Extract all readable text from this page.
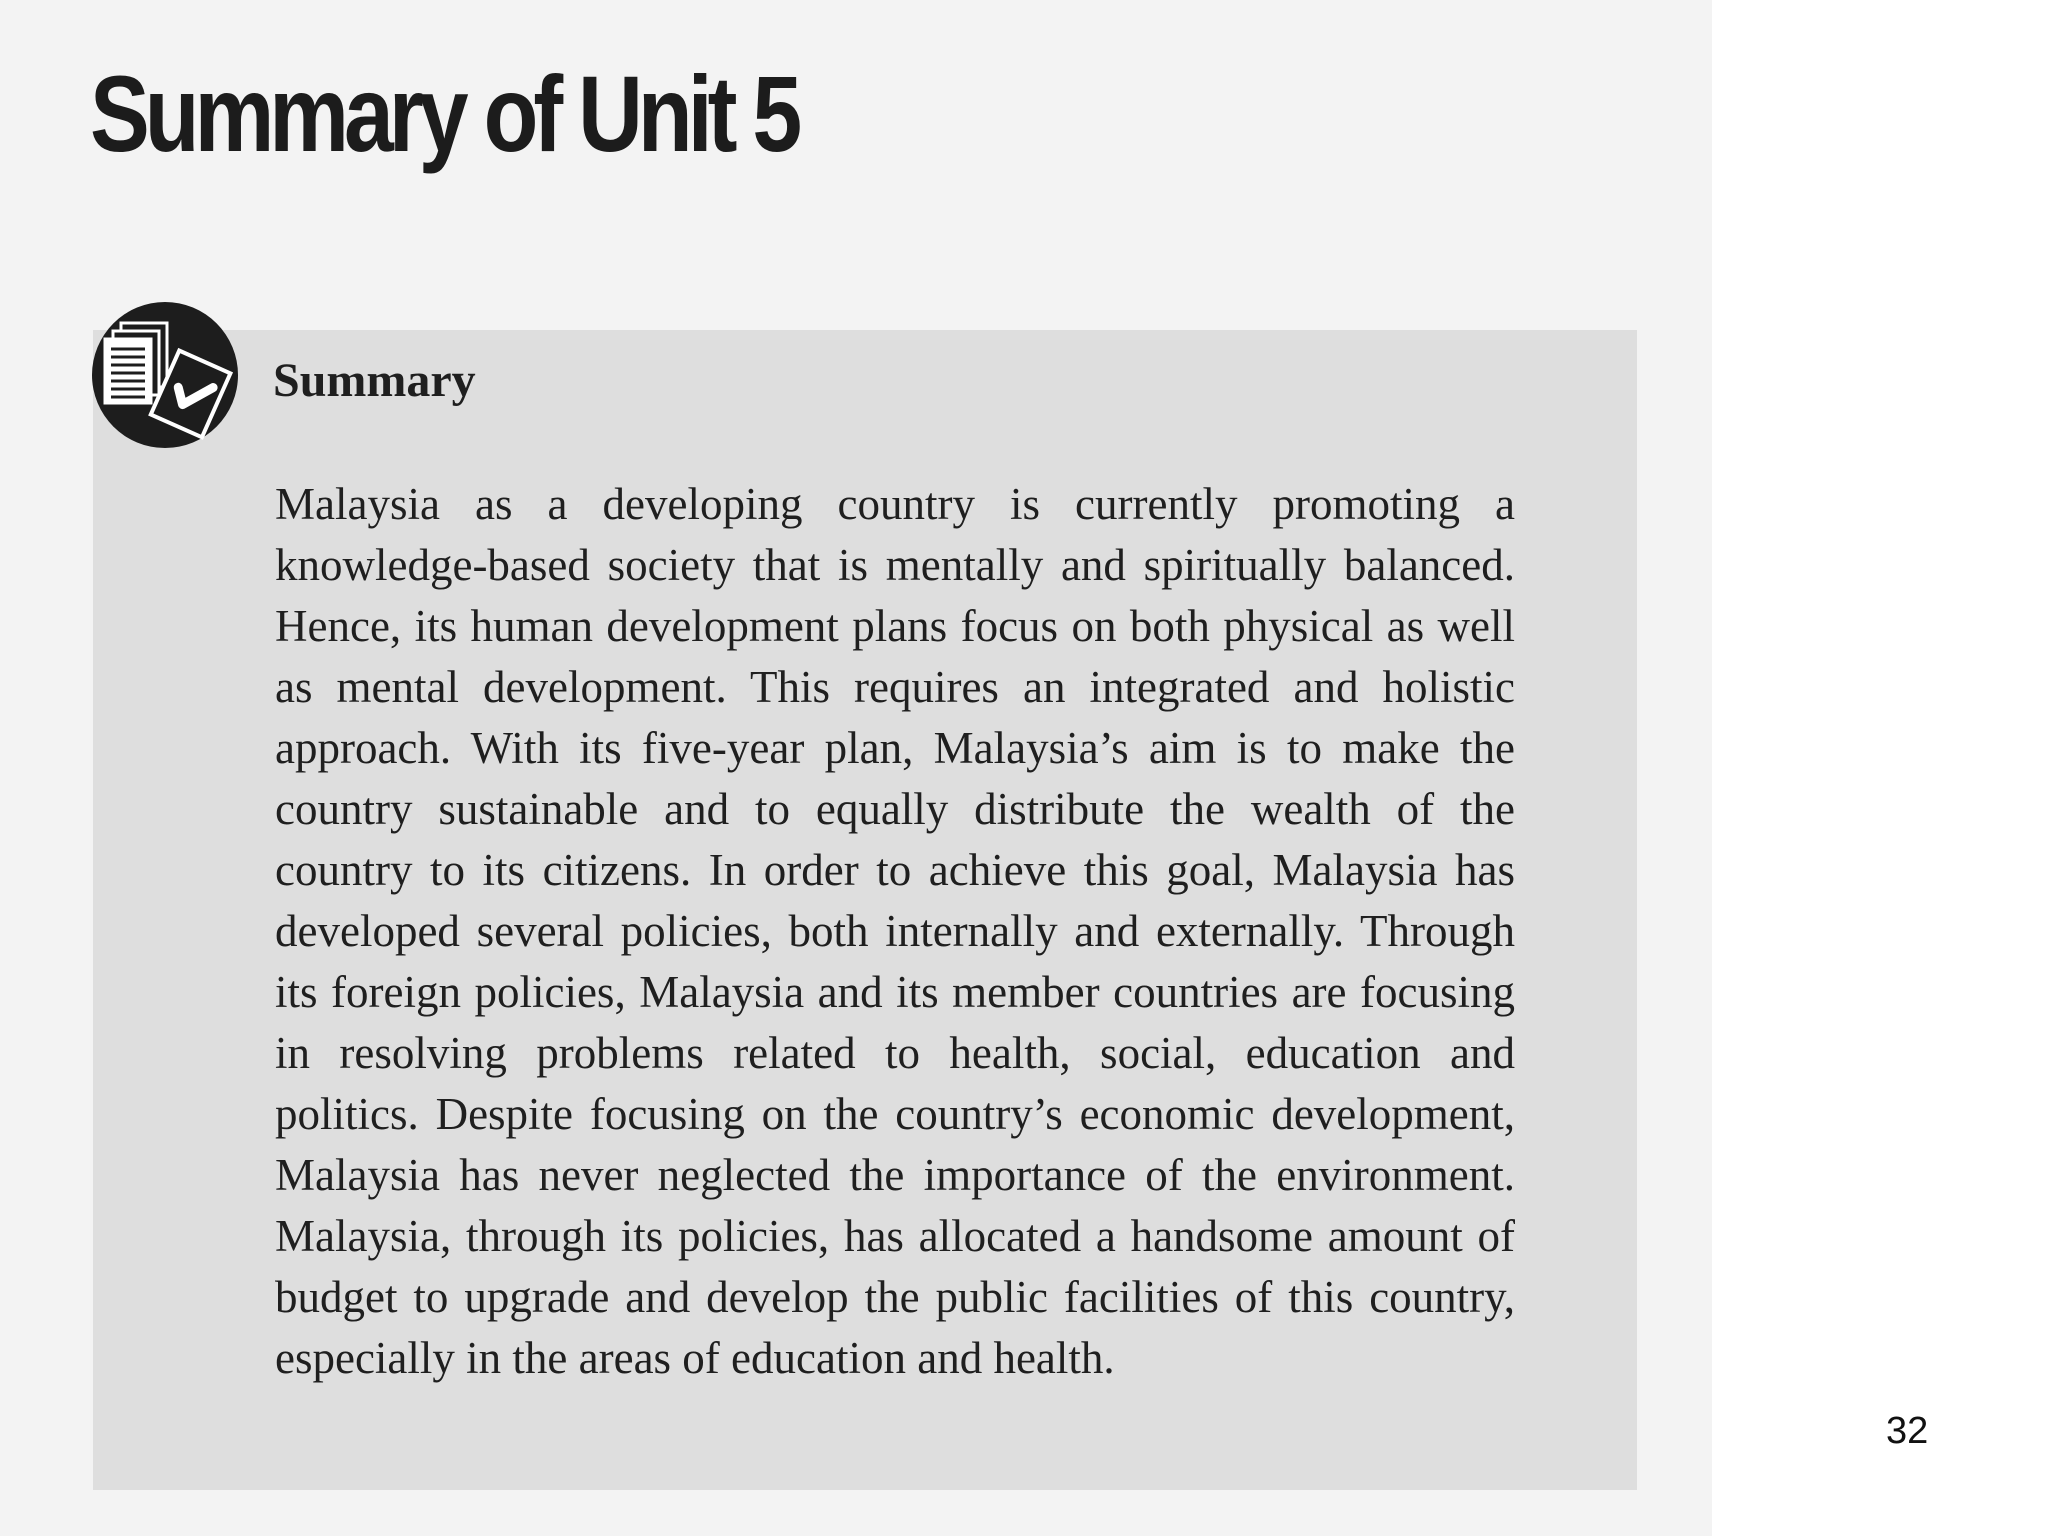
Summary of Unit 5
Summary

Malaysia as a developing country is currently promoting a knowledge-based society that is mentally and spiritually balanced. Hence, its human development plans focus on both physical as well as mental development. This requires an integrated and holistic approach. With its five-year plan, Malaysia’s aim is to make the country sustainable and to equally distribute the wealth of the country to its citizens. In order to achieve this goal, Malaysia has developed several policies, both internally and externally. Through its foreign policies, Malaysia and its member countries are focusing in resolving problems related to health, social, education and politics. Despite focusing on the country’s economic development, Malaysia has never neglected the importance of the environment. Malaysia, through its policies, has allocated a handsome amount of budget to upgrade and develop the public facilities of this country, especially in the areas of education and health.

32
